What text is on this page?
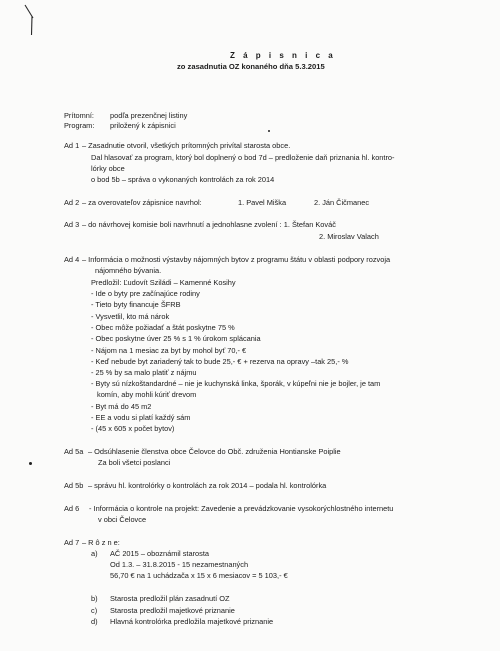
Z á p i s n i c a
zo zasadnutia OZ konaného dňa 5.3.2015
Prítomní: podľa prezenčnej listiny
Program: priložený k zápisnici
Ad 1 – Zasadnutie otvoril, všetkých prítomných privítal starosta obce.
Dal hlasovať za program, ktorý bol doplnený o bod 7d – predloženie daň priznania hl. kontro-
lórky obce
o bod 5b – správa o vykonaných kontrolách za rok 2014
Ad 2 – za overovateľov zápisnice navrhol:	1. Pavel Miška	2. Ján Čičmanec
Ad 3 – do návrhovej komisie boli navrhnutí a jednohlasne zvolení : 1. Štefan Kováč
2. Miroslav Valach
Ad 4 – Informácia o možnosti výstavby nájomných bytov z programu štátu v oblasti podpory rozvoja
nájomného bývania.
Predložil: Ľudovít Sziládi – Kamenné Kosihy
- Ide o byty pre začínajúce rodiny
- Tieto byty financuje ŠFRB
- Vysvetlil, kto má nárok
- Obec môže požiadať a štát poskytne 75 %
- Obec poskytne úver 25 % s 1 % úrokom splácania
- Nájom na 1 mesiac za byt by mohol byť 70,- €
- Keď nebude byt zariadený tak to bude 25,- € + rezerva na opravy –tak 25,- %
- 25 % by sa malo platiť z nájmu
- Byty sú nízkoštandardné – nie je kuchynská linka, šporák, v kúpeľni nie je bojler, je tam
komín, aby mohli kúriť drevom
- Byt má do 45 m2
- EE a vodu si platí každý sám
- (45 x 605 x počet bytov)
Ad 5a – Odsúhlasenie členstva obce Čelovce do Obč. združenia Hontianske Poiplie
Za boli všetci poslanci
Ad 5b – správu hl. kontrolórky o kontrolách za rok 2014 – podala hl. kontrolórka
Ad 6 - Informácia o kontrole na projekt: Zavedenie a prevádzkovanie vysokorýchlostného internetu
v obci Čelovce
Ad 7 – R ô z n e:
a) AČ 2015 – oboznámil starosta
Od 1.3. – 31.8.2015 - 15 nezamestnaných
56,70 € na 1 uchádzača x 15 x 6 mesiacov = 5 103,- €
b) Starosta predložil plán zasadnutí OZ
c) Starosta predložil majetkové priznanie
d) Hlavná kontrolórka predložila majetkové priznanie
